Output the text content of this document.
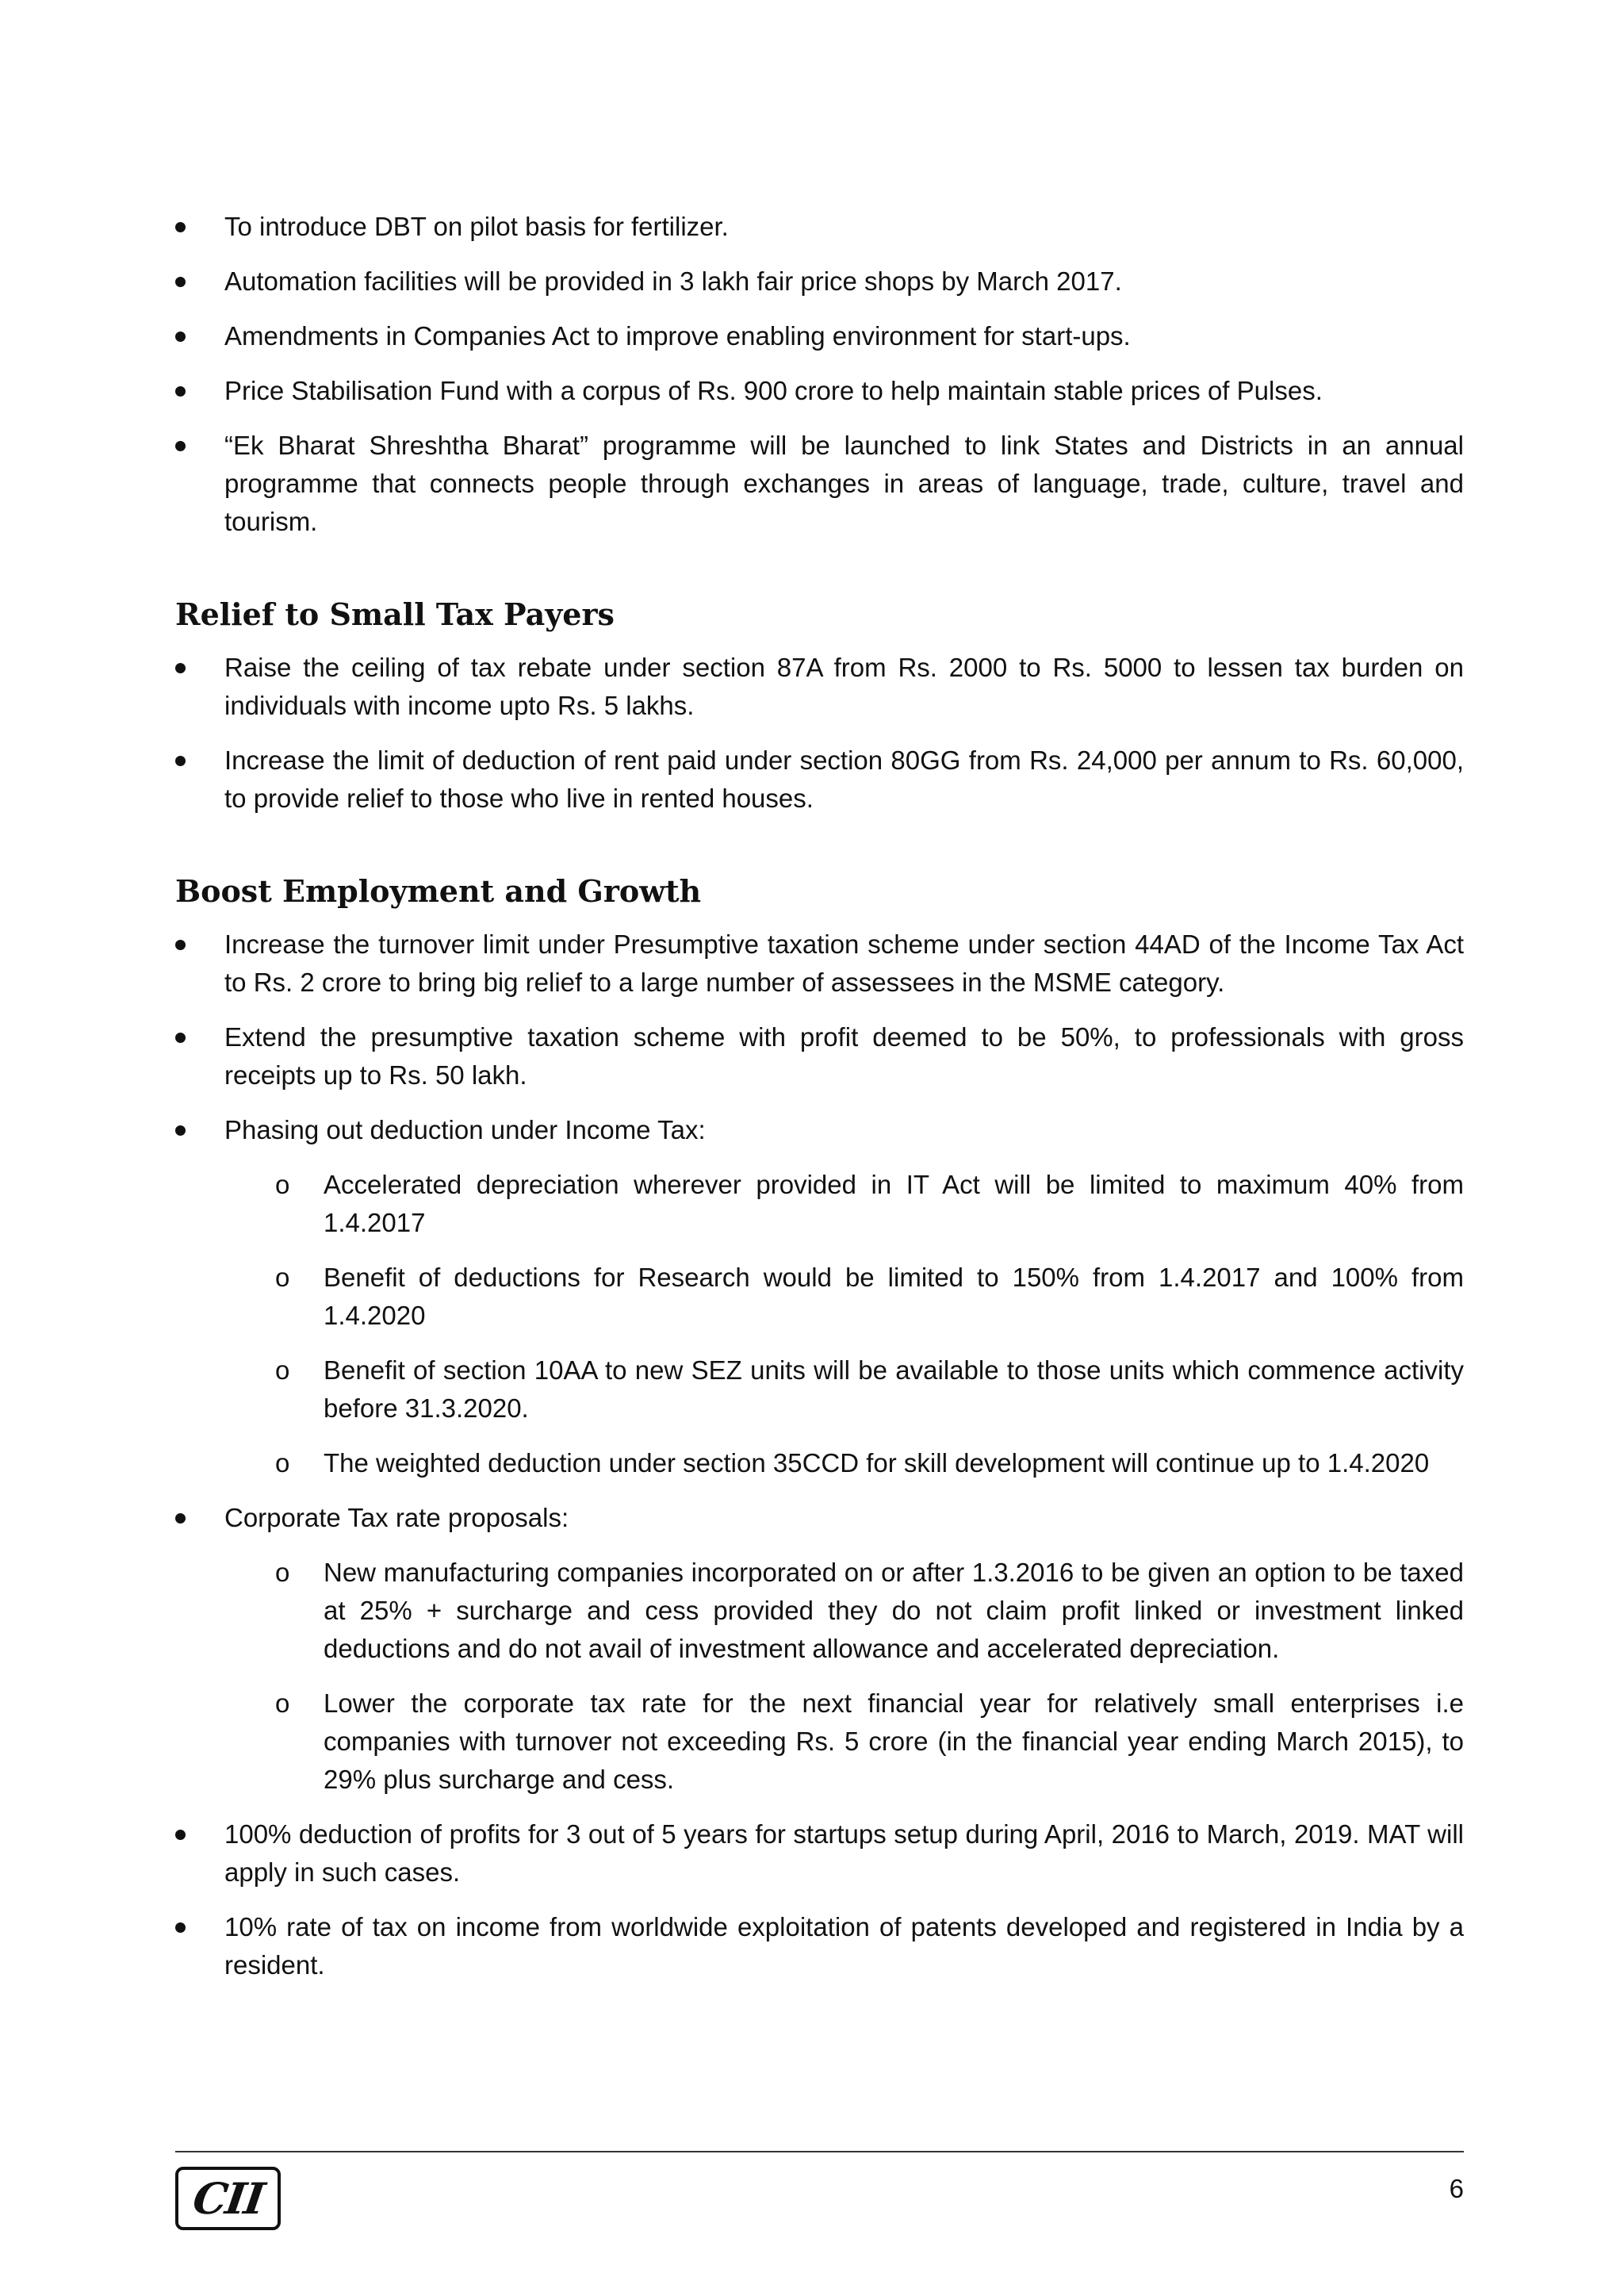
To introduce DBT on pilot basis for fertilizer.
Automation facilities will be provided in 3 lakh fair price shops by March 2017.
Amendments in Companies Act to improve enabling environment for start-ups.
Price Stabilisation Fund with a corpus of Rs. 900 crore to help maintain stable prices of Pulses.
“Ek Bharat Shreshtha Bharat” programme will be launched to link States and Districts in an annual programme that connects people through exchanges in areas of language, trade, culture, travel and tourism.
Relief to Small Tax Payers
Raise the ceiling of tax rebate under section 87A from Rs. 2000 to Rs. 5000 to lessen tax burden on individuals with income upto Rs. 5 lakhs.
Increase the limit of deduction of rent paid under section 80GG from Rs. 24,000 per annum to Rs. 60,000, to provide relief to those who live in rented houses.
Boost Employment and Growth
Increase the turnover limit under Presumptive taxation scheme under section 44AD of the Income Tax Act to Rs. 2 crore to bring big relief to a large number of assessees in the MSME category.
Extend the presumptive taxation scheme with profit deemed to be 50%, to professionals with gross receipts up to Rs. 50 lakh.
Phasing out deduction under Income Tax:
o Accelerated depreciation wherever provided in IT Act will be limited to maximum 40% from 1.4.2017
o Benefit of deductions for Research would be limited to 150% from 1.4.2017 and 100% from 1.4.2020
o Benefit of section 10AA to new SEZ units will be available to those units which commence activity before 31.3.2020.
o The weighted deduction under section 35CCD for skill development will continue up to 1.4.2020
Corporate Tax rate proposals:
o New manufacturing companies incorporated on or after 1.3.2016 to be given an option to be taxed at 25% + surcharge and cess provided they do not claim profit linked or investment linked deductions and do not avail of investment allowance and accelerated depreciation.
o Lower the corporate tax rate for the next financial year for relatively small enterprises i.e companies with turnover not exceeding Rs. 5 crore (in the financial year ending March 2015), to 29% plus surcharge and cess.
100% deduction of profits for 3 out of 5 years for startups setup during April, 2016 to March, 2019. MAT will apply in such cases.
10% rate of tax on income from worldwide exploitation of patents developed and registered in India by a resident.
CII	6
